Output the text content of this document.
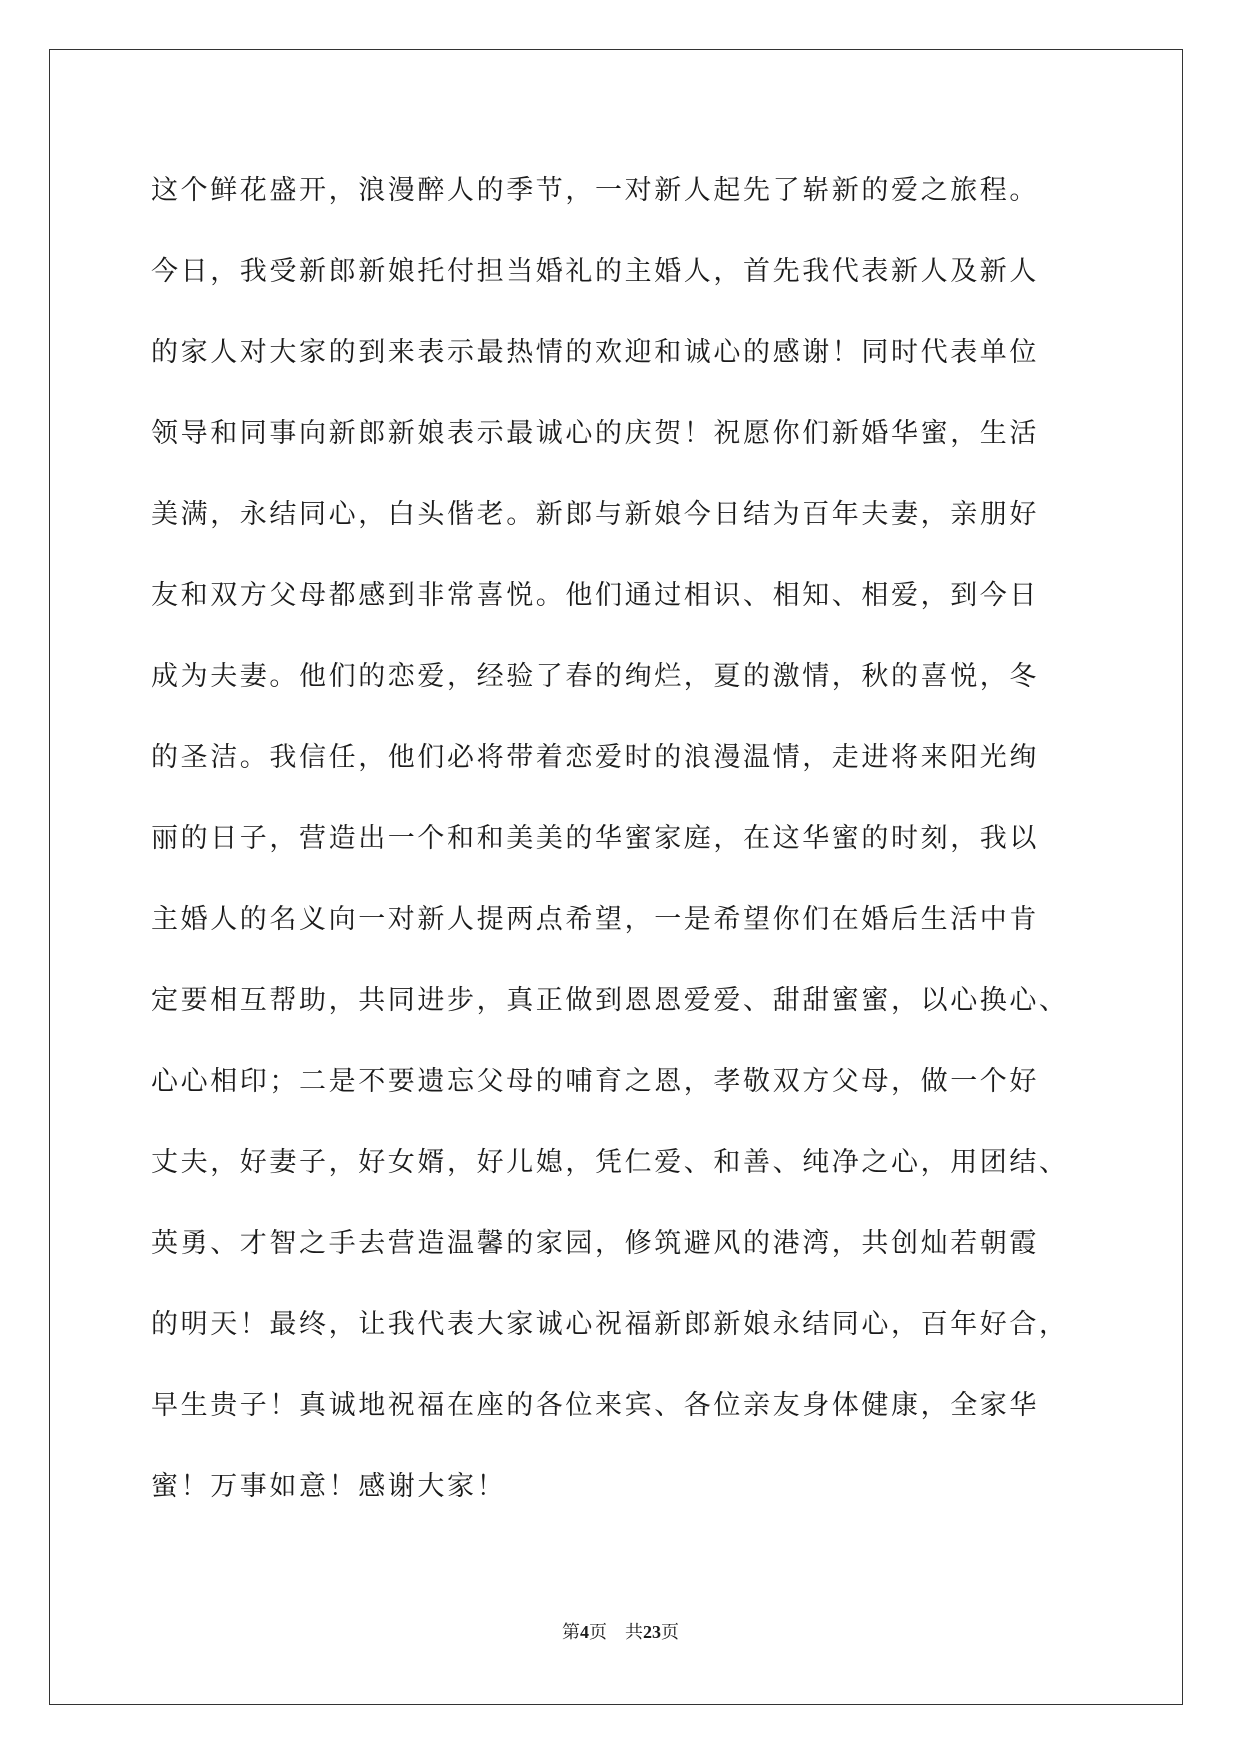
这个鲜花盛开，浪漫醉人的季节，一对新人起先了崭新的爱之旅程。
今日，我受新郎新娘托付担当婚礼的主婚人，首先我代表新人及新人
的家人对大家的到来表示最热情的欢迎和诚心的感谢！同时代表单位
领导和同事向新郎新娘表示最诚心的庆贺！祝愿你们新婚华蜜，生活
美满，永结同心，白头偕老。新郎与新娘今日结为百年夫妻，亲朋好
友和双方父母都感到非常喜悦。他们通过相识、相知、相爱，到今日
成为夫妻。他们的恋爱，经验了春的绚烂，夏的激情，秋的喜悦，冬
的圣洁。我信任，他们必将带着恋爱时的浪漫温情，走进将来阳光绚
丽的日子，营造出一个和和美美的华蜜家庭，在这华蜜的时刻，我以
主婚人的名义向一对新人提两点希望，一是希望你们在婚后生活中肯
定要相互帮助，共同进步，真正做到恩恩爱爱、甜甜蜜蜜，以心换心、
心心相印；二是不要遗忘父母的哺育之恩，孝敬双方父母，做一个好
丈夫，好妻子，好女婿，好儿媳，凭仁爱、和善、纯净之心，用团结、
英勇、才智之手去营造温馨的家园，修筑避风的港湾，共创灿若朝霞
的明天！最终，让我代表大家诚心祝福新郎新娘永结同心，百年好合，
早生贵子！真诚地祝福在座的各位来宾、各位亲友身体健康，全家华
蜜！万事如意！感谢大家！
第4页 共23页
